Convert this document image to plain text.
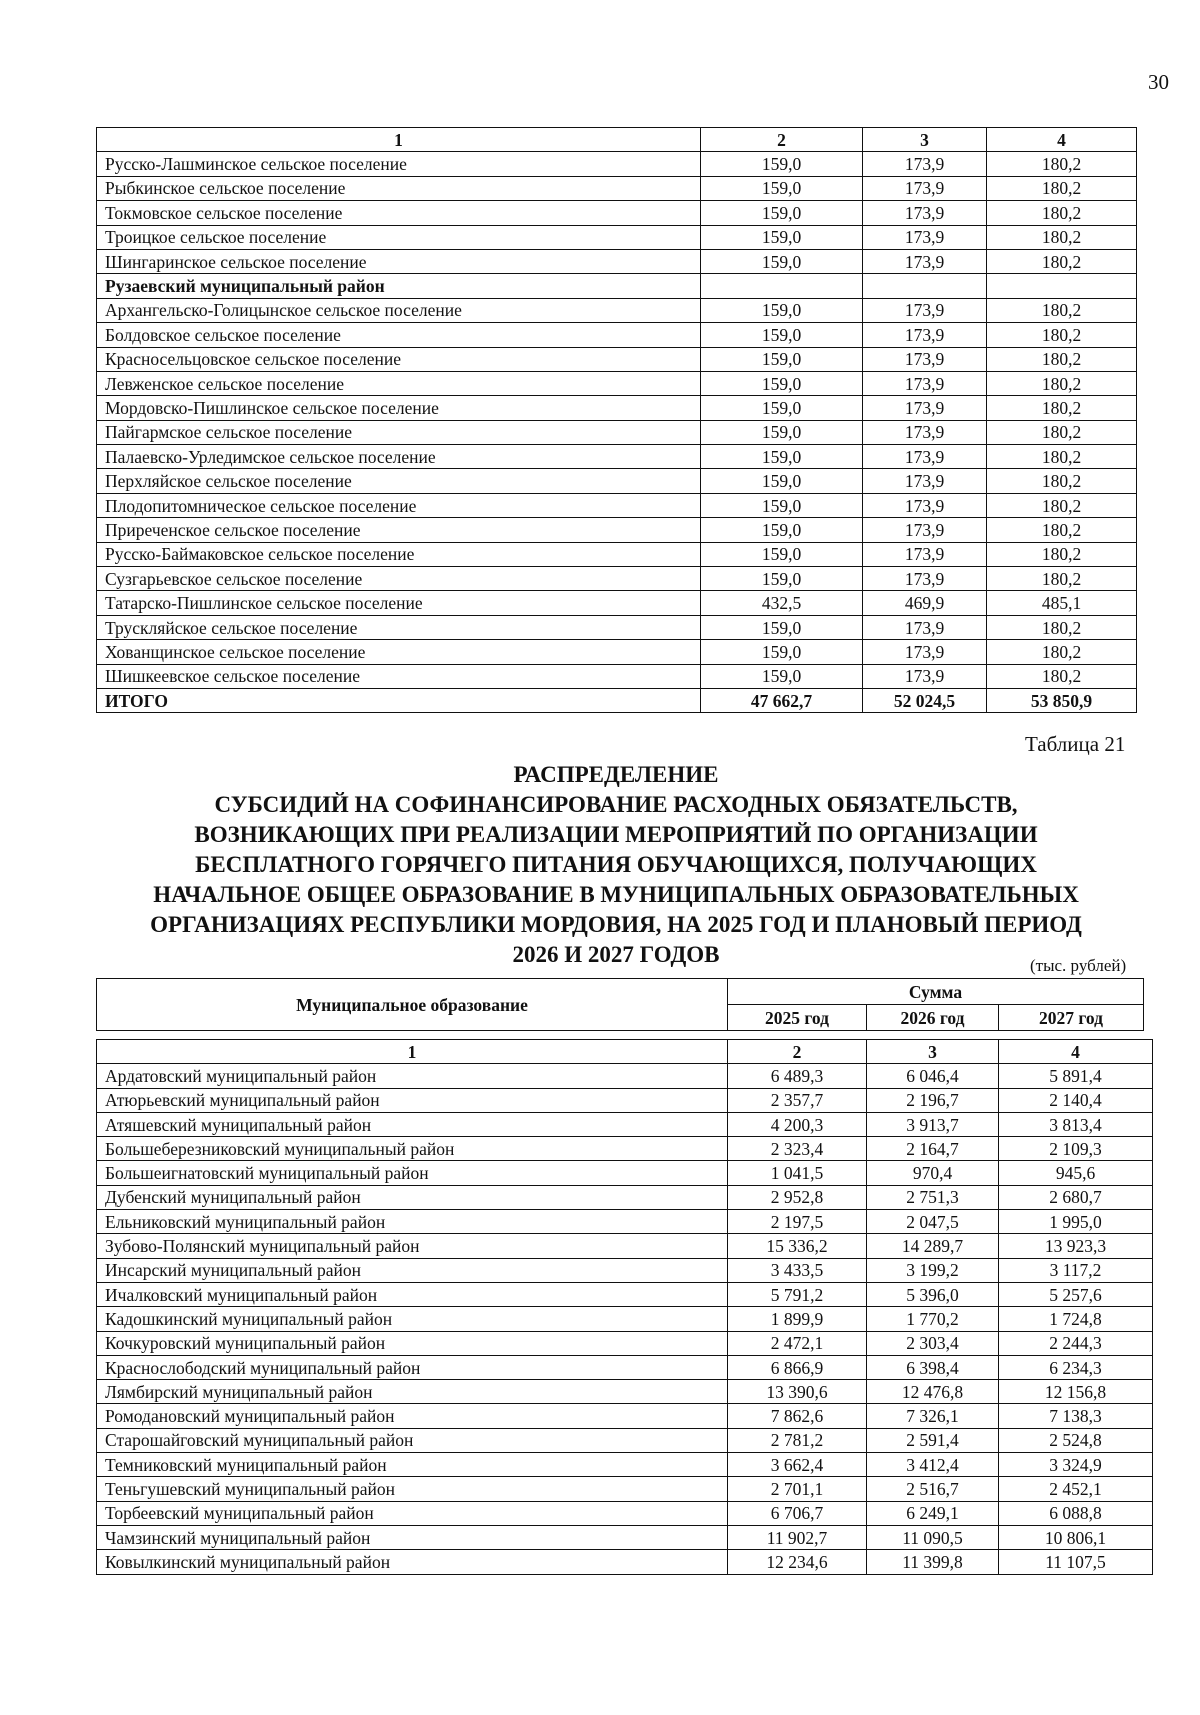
30
1	2	3	4
Русско-Лашминское сельское поселение	159,0	173,9	180,2
Рыбкинское сельское поселение	159,0	173,9	180,2
Токмовское сельское поселение	159,0	173,9	180,2
Троицкое сельское поселение	159,0	173,9	180,2
Шингаринское сельское поселение	159,0	173,9	180,2
Рузаевский муниципальный район			
Архангельско-Голицынское сельское поселение	159,0	173,9	180,2
Болдовское сельское поселение	159,0	173,9	180,2
Красносельцовское сельское поселение	159,0	173,9	180,2
Левженское сельское поселение	159,0	173,9	180,2
Мордовско-Пишлинское сельское поселение	159,0	173,9	180,2
Пайгармское сельское поселение	159,0	173,9	180,2
Палаевско-Урледимское сельское поселение	159,0	173,9	180,2
Перхляйское сельское поселение	159,0	173,9	180,2
Плодопитомническое сельское поселение	159,0	173,9	180,2
Приреченское сельское поселение	159,0	173,9	180,2
Русско-Баймаковское сельское поселение	159,0	173,9	180,2
Сузгарьевское сельское поселение	159,0	173,9	180,2
Татарско-Пишлинское сельское поселение	432,5	469,9	485,1
Трускляйское сельское поселение	159,0	173,9	180,2
Хованщинское сельское поселение	159,0	173,9	180,2
Шишкеевское сельское поселение	159,0	173,9	180,2
ИТОГО	47 662,7	52 024,5	53 850,9
Таблица 21
РАСПРЕДЕЛЕНИЕ
СУБСИДИЙ НА СОФИНАНСИРОВАНИЕ РАСХОДНЫХ ОБЯЗАТЕЛЬСТВ,
ВОЗНИКАЮЩИХ ПРИ РЕАЛИЗАЦИИ МЕРОПРИЯТИЙ ПО ОРГАНИЗАЦИИ
БЕСПЛАТНОГО ГОРЯЧЕГО ПИТАНИЯ ОБУЧАЮЩИХСЯ, ПОЛУЧАЮЩИХ
НАЧАЛЬНОЕ ОБЩЕЕ ОБРАЗОВАНИЕ В МУНИЦИПАЛЬНЫХ ОБРАЗОВАТЕЛЬНЫХ
ОРГАНИЗАЦИЯХ РЕСПУБЛИКИ МОРДОВИЯ, НА 2025 ГОД И ПЛАНОВЫЙ ПЕРИОД
2026 И 2027 ГОДОВ	(тыс. рублей)
Муниципальное образование	Сумма		
	2025 год	2026 год	2027 год
1	2	3	4
Ардатовский муниципальный район	6 489,3	6 046,4	5 891,4
Атюрьевский муниципальный район	2 357,7	2 196,7	2 140,4
Атяшевский муниципальный район	4 200,3	3 913,7	3 813,4
Большеберезниковский муниципальный район	2 323,4	2 164,7	2 109,3
Большеигнатовский муниципальный район	1 041,5	970,4	945,6
Дубенский муниципальный район	2 952,8	2 751,3	2 680,7
Ельниковский муниципальный район	2 197,5	2 047,5	1 995,0
Зубово-Полянский муниципальный район	15 336,2	14 289,7	13 923,3
Инсарский муниципальный район	3 433,5	3 199,2	3 117,2
Ичалковский муниципальный район	5 791,2	5 396,0	5 257,6
Кадошкинский муниципальный район	1 899,9	1 770,2	1 724,8
Кочкуровский муниципальный район	2 472,1	2 303,4	2 244,3
Краснослободский муниципальный район	6 866,9	6 398,4	6 234,3
Лямбирский муниципальный район	13 390,6	12 476,8	12 156,8
Ромодановский муниципальный район	7 862,6	7 326,1	7 138,3
Старошайговский муниципальный район	2 781,2	2 591,4	2 524,8
Темниковский муниципальный район	3 662,4	3 412,4	3 324,9
Теньгушевский муниципальный район	2 701,1	2 516,7	2 452,1
Торбеевский муниципальный район	6 706,7	6 249,1	6 088,8
Чамзинский муниципальный район	11 902,7	11 090,5	10 806,1
Ковылкинский муниципальный район	12 234,6	11 399,8	11 107,5
